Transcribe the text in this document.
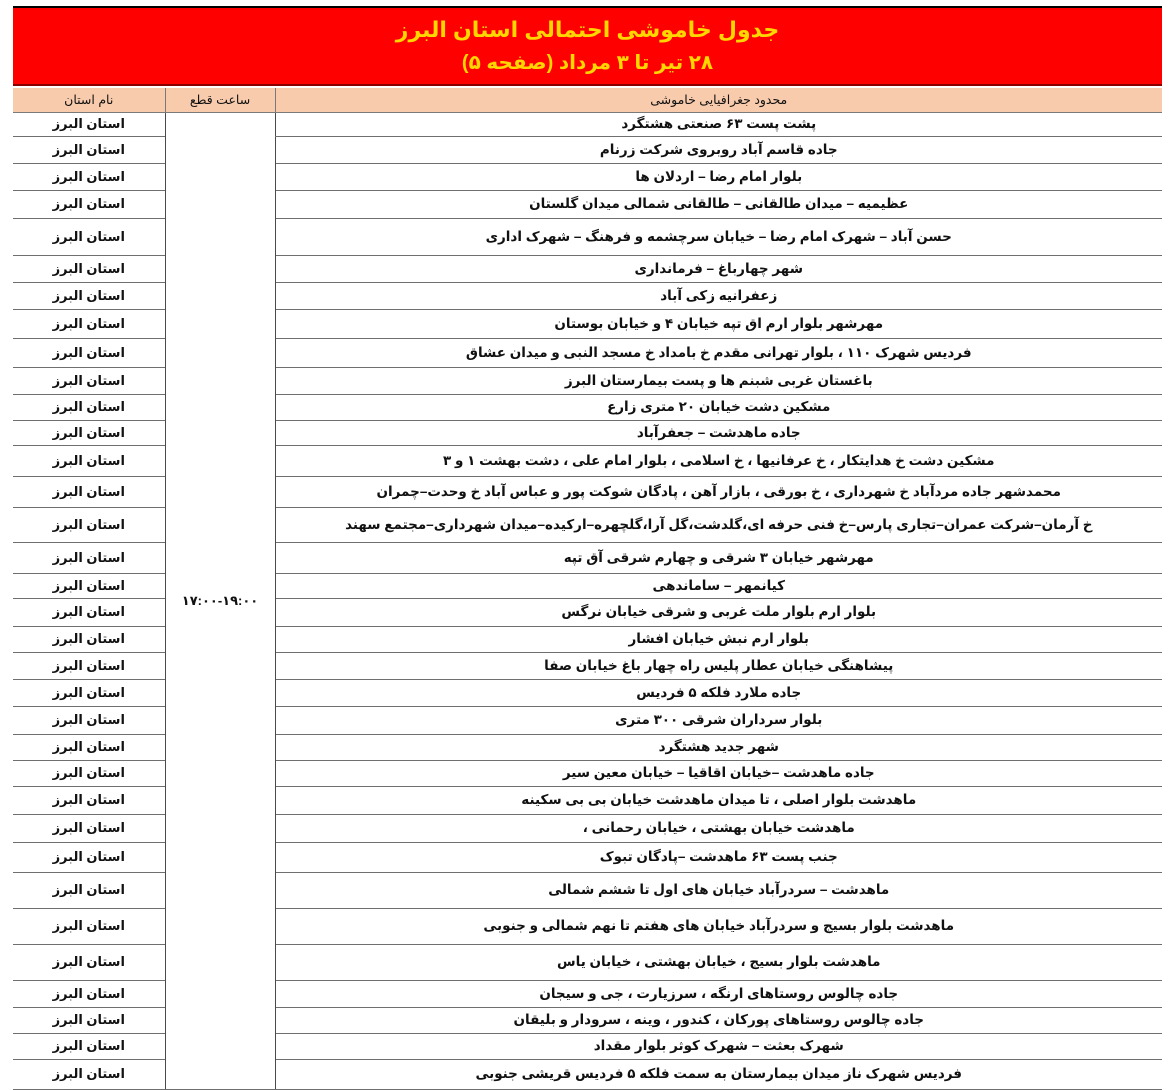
جدول خاموشی احتمالی استان البرز
۲۸ تیر تا ۳ مرداد (صفحه ۵)
محدود جغرافیایی خاموشی	ساعت قطع	نام استان
پشت پست ۶۳ صنعتی هشتگرد	۱۷:۰۰-۱۹:۰۰	استان البرز
جاده قاسم آباد روبروی شرکت زرنام		استان البرز
بلوار امام رضا – اردلان ها		استان البرز
عظیمیه – میدان طالقانی – طالقانی شمالی میدان گلستان		استان البرز
حسن آباد – شهرک امام رضا – خیابان سرچشمه و فرهنگ – شهرک اداری		استان البرز
شهر چهارباغ – فرمانداری		استان البرز
زعفرانیه زکی آباد		استان البرز
مهرشهر بلوار ارم اق تپه خیابان ۴ و خیابان بوستان		استان البرز
فردیس شهرک ۱۱۰ ، بلوار تهرانی مقدم خ بامداد خ مسجد النبی و میدان عشاق		استان البرز
باغستان غربی شبنم ها و پست بیمارستان البرز		استان البرز
مشکین دشت خیابان ۲۰ متری زارع		استان البرز
جاده ماهدشت – جعفرآباد		استان البرز
مشکین دشت خ هدایتکار ، خ عرفانیها ، خ اسلامی ، بلوار امام علی ، دشت بهشت ۱ و ۳		استان البرز
محمدشهر جاده مردآباد خ شهرداری ، خ بورقی ، بازار آهن ، پادگان شوکت پور و عباس آباد خ وحدت–چمران		استان البرز
خ آرمان–شرکت عمران–تجاری پارس–خ فنی حرفه ای،گلدشت،گل آرا،گلچهره–ارکیده–میدان شهرداری–مجتمع سهند		استان البرز
مهرشهر خیابان ۳ شرقی و چهارم شرقی آق تپه		استان البرز
کیانمهر – ساماندهی		استان البرز
بلوار ارم بلوار ملت غربی و شرقی خیابان نرگس		استان البرز
بلوار ارم نبش خیابان افشار		استان البرز
پیشاهنگی خیابان عطار پلیس راه چهار باغ خیابان صفا		استان البرز
جاده ملارد فلکه ۵ فردیس		استان البرز
بلوار سرداران شرقی ۳۰۰ متری		استان البرز
شهر جدید هشتگرد		استان البرز
جاده ماهدشت –خیابان اقاقیا – خیابان معین سیر		استان البرز
ماهدشت بلوار اصلی ، تا میدان ماهدشت خیابان بی بی سکینه		استان البرز
ماهدشت خیابان بهشتی ، خیابان رحمانی ،		استان البرز
جنب پست ۶۳ ماهدشت –پادگان تبوک		استان البرز
ماهدشت – سردرآباد خیابان های اول تا ششم شمالی		استان البرز
ماهدشت بلوار بسیج و سردرآباد خیابان های هفتم تا نهم شمالی و جنوبی		استان البرز
ماهدشت بلوار بسیج ، خیابان بهشتی ، خیابان یاس		استان البرز
جاده چالوس روستاهای ارنگه ، سرزیارت ، جی و سیجان		استان البرز
جاده چالوس روستاهای پورکان ، کندور ، وینه ، سرودار و بلیقان		استان البرز
شهرک بعثت – شهرک کوثر بلوار مقداد		استان البرز
فردیس شهرک ناز میدان بیمارستان به سمت فلکه ۵ فردیس قریشی جنوبی		استان البرز
